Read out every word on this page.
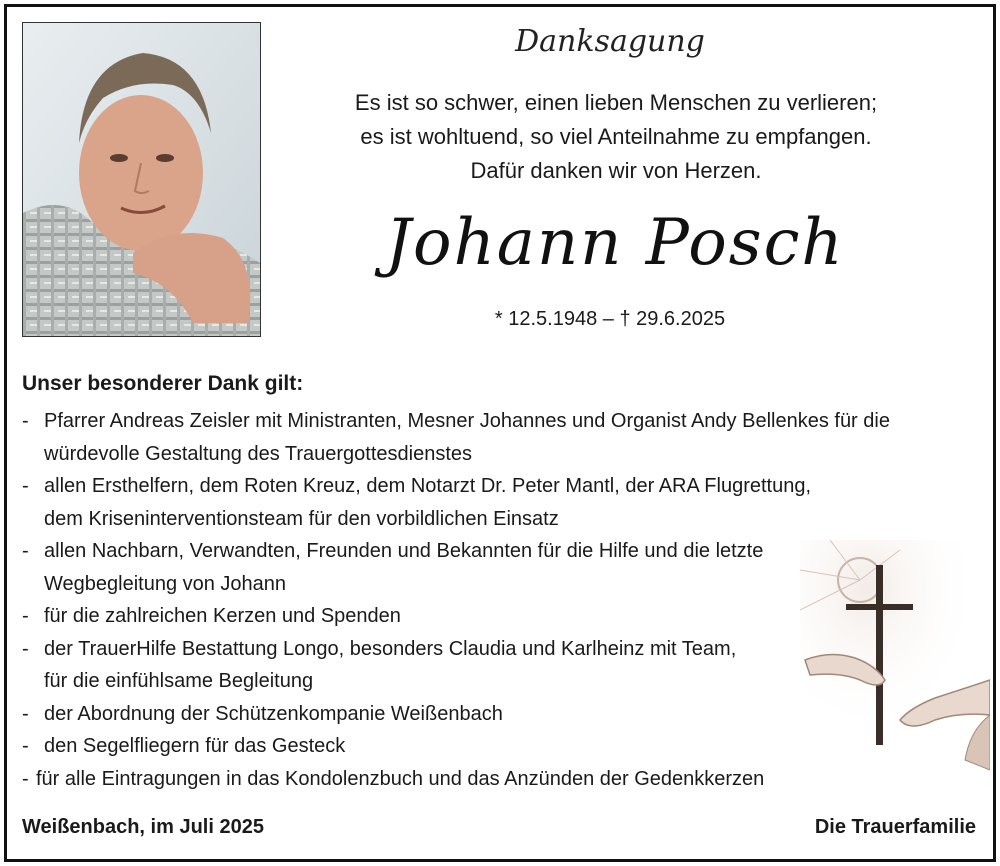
Danksagung
Es ist so schwer, einen lieben Menschen zu verlieren;
es ist wohltuend, so viel Anteilnahme zu empfangen.
Dafür danken wir von Herzen.
Johann Posch
* 12.5.1948 – † 29.6.2025
Unser besonderer Dank gilt:
- Pfarrer Andreas Zeisler mit Ministranten, Mesner Johannes und Organist Andy Bellenkes für die
würdevolle Gestaltung des Trauergottesdienstes
- allen Ersthelfern, dem Roten Kreuz, dem Notarzt Dr. Peter Mantl, der ARA Flugrettung,
dem Kriseninterventionsteam für den vorbildlichen Einsatz
- allen Nachbarn, Verwandten, Freunden und Bekannten für die Hilfe und die letzte
Wegbegleitung von Johann
- für die zahlreichen Kerzen und Spenden
- der TrauerHilfe Bestattung Longo, besonders Claudia und Karlheinz mit Team,
für die einfühlsame Begleitung
- der Abordnung der Schützenkompanie Weißenbach
- den Segelfliegern für das Gesteck
- für alle Eintragungen in das Kondolenzbuch und das Anzünden der Gedenkkerzen
Weißenbach, im Juli 2025	Die Trauerfamilie
